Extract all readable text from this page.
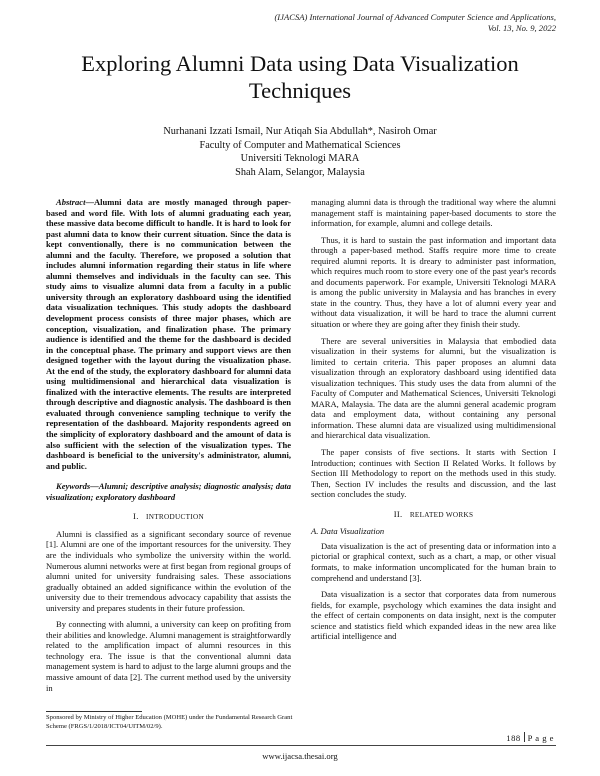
(IJACSA) International Journal of Advanced Computer Science and Applications,
Vol. 13, No. 9, 2022
Exploring Alumni Data using Data Visualization Techniques
Nurhanani Izzati Ismail, Nur Atiqah Sia Abdullah*, Nasiroh Omar
Faculty of Computer and Mathematical Sciences
Universiti Teknologi MARA
Shah Alam, Selangor, Malaysia

Abstract—Alumni data are mostly managed through paper-based and word file. With lots of alumni graduating each year, these massive data become difficult to handle. It is hard to look for past alumni data to know their current situation. Since the data is kept conventionally, there is no communication between the alumni and the faculty. Therefore, we proposed a solution that includes alumni information regarding their status in life where alumni themselves and individuals in the faculty can see. This study aims to visualize alumni data from a faculty in a public university through an exploratory dashboard using the identified data visualization techniques. This study adopts the dashboard development process consists of three major phases, which are conception, visualization, and finalization phase. The primary audience is identified and the theme for the dashboard is decided in the conceptual phase. The primary and support views are then designed together with the layout during the visualization phase. At the end of the study, the exploratory dashboard for alumni data using multidimensional and hierarchical data visualization is finalized with the interactive elements. The results are interpreted through descriptive and diagnostic analysis. The dashboard is then evaluated through convenience sampling technique to verify the representation of the dashboard. Majority respondents agreed on the simplicity of exploratory dashboard and the amount of data is also sufficient with the selection of the visualization types. The dashboard is beneficial to the university's administrator, alumni, and public.

Keywords—Alumni; descriptive analysis; diagnostic analysis; data visualization; exploratory dashboard

I. INTRODUCTION

Alumni is classified as a significant secondary source of revenue [1]. Alumni are one of the important resources for the university. They are the individuals who symbolize the university within the world. Numerous alumni networks were at first began from regional groups of alumni united for university fundraising sales. These associations gradually obtained an added significance within the evolution of the university due to their tremendous advocacy capability that assists the university and prepares students in their future profession.

By connecting with alumni, a university can keep on profiting from their abilities and knowledge. Alumni management is straightforwardly related to the amplification impact of alumni resources in this technology era. The issue is that the conventional alumni data management system is hard to adjust to the large alumni groups and the massive amount of data [2]. The current method used by the university in

managing alumni data is through the traditional way where the alumni management staff is maintaining paper-based documents to store the information, for example, alumni and college details.

Thus, it is hard to sustain the past information and important data through a paper-based method. Staffs require more time to create required alumni reports. It is dreary to administer past information, which requires much room to store every one of the past year's records and documents paperwork. For example, Universiti Teknologi MARA is among the public university in Malaysia and has branches in every state in the country. Thus, they have a lot of alumni every year and without data visualization, it will be hard to trace the alumni current situation or where they are going after they finish their study.

There are several universities in Malaysia that embodied data visualization in their systems for alumni, but the visualization is limited to certain criteria. This paper proposes an alumni data visualization through an exploratory dashboard using identified data visualization techniques. This study uses the data from alumni of the Faculty of Computer and Mathematical Sciences, Universiti Teknologi MARA, Malaysia. The data are the alumni general academic program data and employment data, without containing any personal information. These alumni data are visualized using multidimensional and hierarchical data visualization.

The paper consists of five sections. It starts with Section I Introduction; continues with Section II Related Works. It follows by Section III Methodology to report on the methods used in this study. Then, Section IV includes the results and discussion, and the last section concludes the study.

II. RELATED WORKS

A. Data Visualization

Data visualization is the act of presenting data or information into a pictorial or graphical context, such as a chart, a map, or other visual formats, to make information uncomplicated for the human brain to comprehend and understand [3].

Data visualization is a sector that corporates data from numerous fields, for example, psychology which examines the data insight and the effect of certain components on data insight, next is the computer science and statistics field which expanded ideas in the new area like artificial intelligence and

Sponsored by Ministry of Higher Education (MOHE) under the Fundamental Research Grant Scheme (FRGS/1/2018/ICT04/UITM/02/9).
188 P a g e
www.ijacsa.thesai.org
